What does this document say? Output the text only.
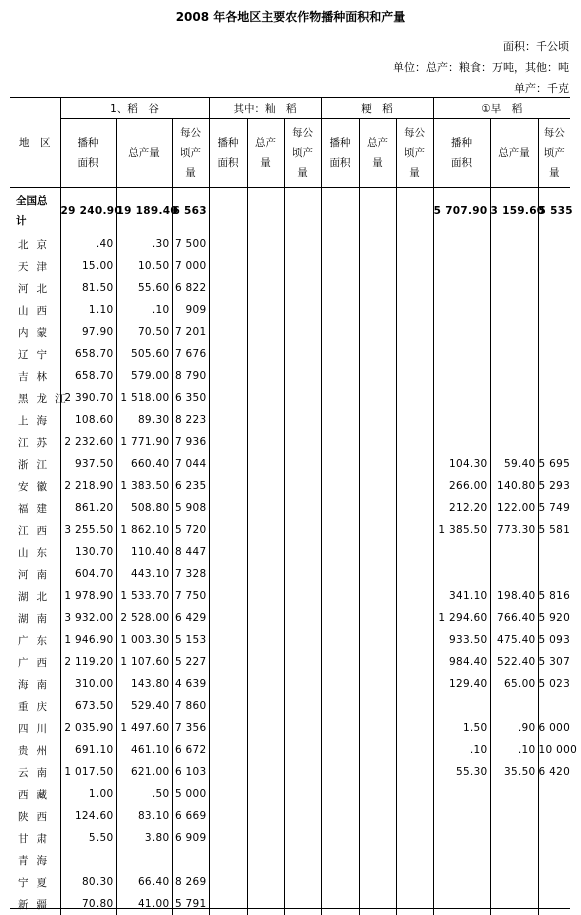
2008 年各地区主要农作物播种面积和产量
面积：千公顷
单位：总产：粮食：万吨，其他：吨
单产：千克
地　区	1、稻　谷			其中：籼　稻			粳　稻			①早　稻		

	播种面积	总产量	每公顷产量	播种面积	总产量	每公顷产量	播种面积	总产量	每公顷产量	播种面积	总产量	每公顷产量

全国总计	29 240.90	19 189.40	6 563							5 707.90	3 159.60	5 535
北京	.40	.30	7 500									
天津	15.00	10.50	7 000									
河北	81.50	55.60	6 822									
山西	1.10	.10	909									
内蒙	97.90	70.50	7 201									
辽宁	658.70	505.60	7 676									
吉林	658.70	579.00	8 790									
黑龙江	2 390.70	1 518.00	6 350									
上海	108.60	89.30	8 223									
江苏	2 232.60	1 771.90	7 936									
浙江	937.50	660.40	7 044							104.30	59.40	5 695
安徽	2 218.90	1 383.50	6 235							266.00	140.80	5 293
福建	861.20	508.80	5 908							212.20	122.00	5 749
江西	3 255.50	1 862.10	5 720							1 385.50	773.30	5 581
山东	130.70	110.40	8 447									
河南	604.70	443.10	7 328									
湖北	1 978.90	1 533.70	7 750							341.10	198.40	5 816
湖南	3 932.00	2 528.00	6 429							1 294.60	766.40	5 920
广东	1 946.90	1 003.30	5 153							933.50	475.40	5 093
广西	2 119.20	1 107.60	5 227							984.40	522.40	5 307
海南	310.00	143.80	4 639							129.40	65.00	5 023
重庆	673.50	529.40	7 860									
四川	2 035.90	1 497.60	7 356							1.50	.90	6 000
贵州	691.10	461.10	6 672							.10	.10	10 000
云南	1 017.50	621.00	6 103							55.30	35.50	6 420
西藏	1.00	.50	5 000									
陕西	124.60	83.10	6 669									
甘肃	5.50	3.80	6 909									
青海												
宁夏	80.30	66.40	8 269									
新疆	70.80	41.00	5 791									
